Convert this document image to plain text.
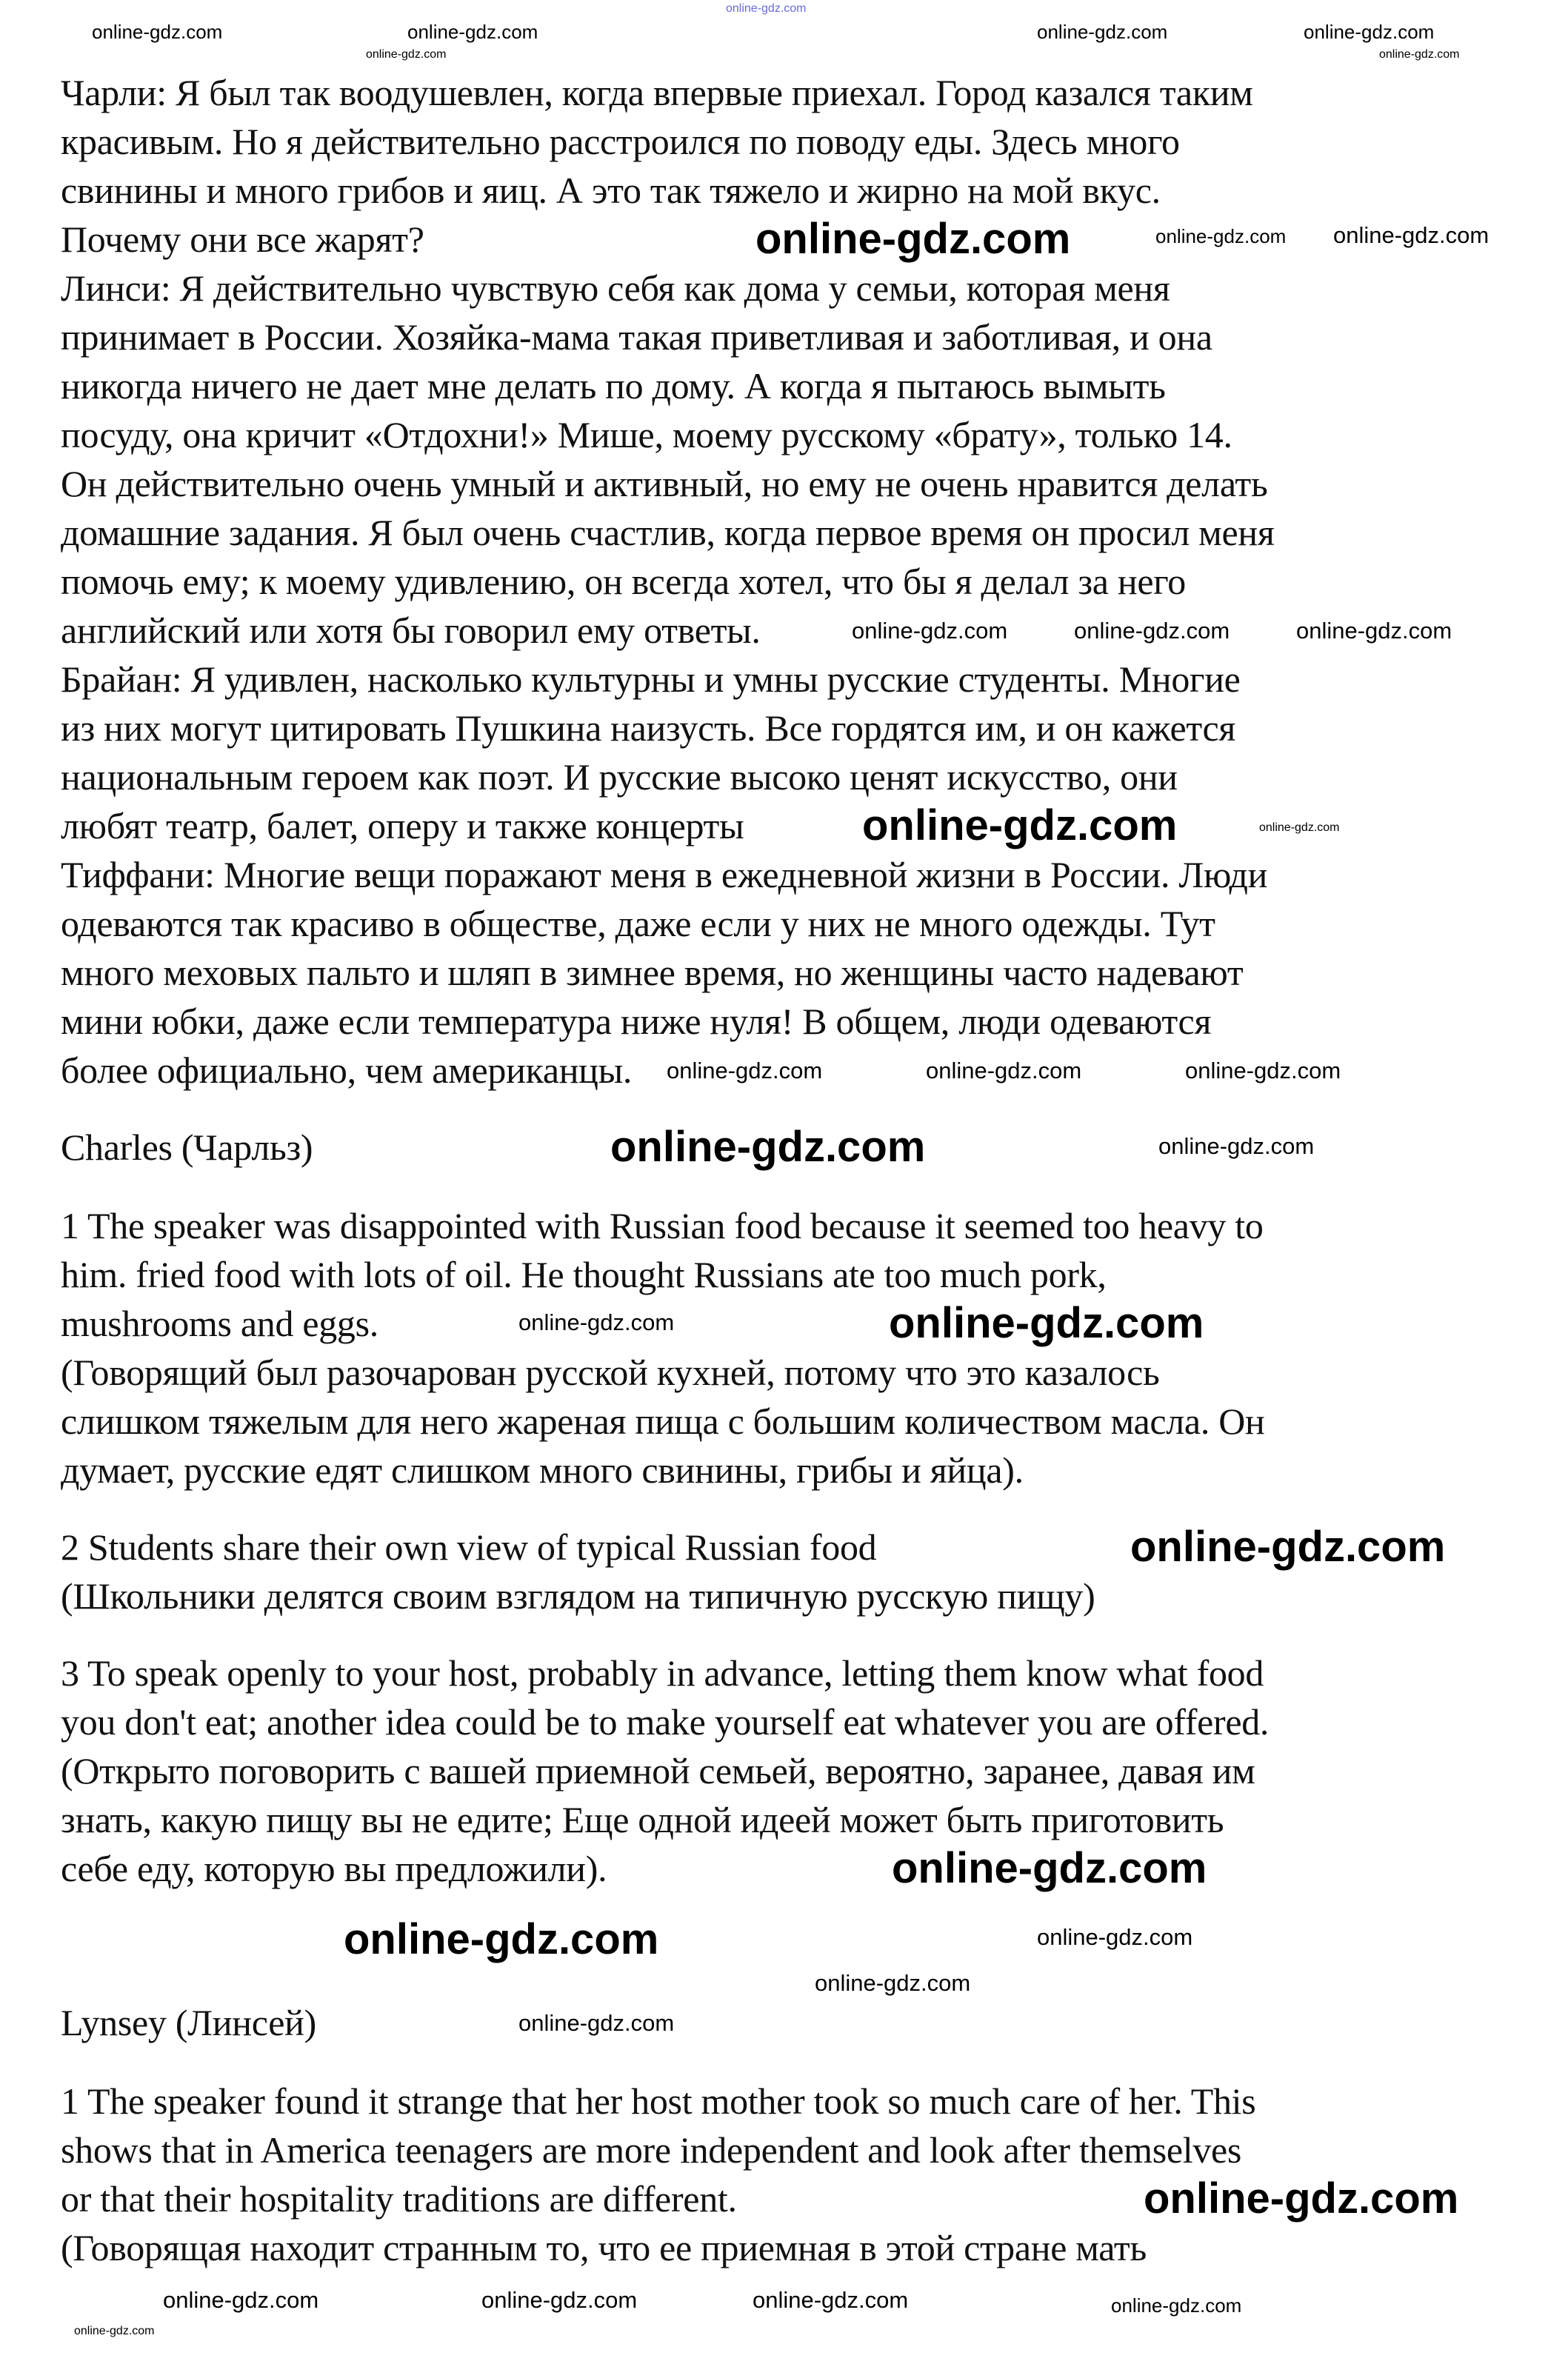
online-gdz.com
Чарли: Я был так воодушевлен, когда впервые приехал. Город казался таким
красивым. Но я действительно расстроился по поводу еды. Здесь много
свинины и много грибов и яиц. А это так тяжело и жирно на мой вкус.
Почему они все жарят?
Линси: Я действительно чувствую себя как дома у семьи, которая меня
принимает в России. Хозяйка-мама такая приветливая и заботливая, и она
никогда ничего не дает мне делать по дому. А когда я пытаюсь вымыть
посуду, она кричит «Отдохни!» Мише, моему русскому «брату», только 14.
Он действительно очень умный и активный, но ему не очень нравится делать
домашние задания. Я был очень счастлив, когда первое время он просил меня
помочь ему; к моему удивлению, он всегда хотел, что бы я делал за него
английский или хотя бы говорил ему ответы.
Брайан: Я удивлен, насколько культурны и умны русские студенты. Многие
из них могут цитировать Пушкина наизусть. Все гордятся им, и он кажется
национальным героем как поэт. И русские высоко ценят искусство, они
любят театр, балет, оперу и также концерты
Тиффани: Многие вещи поражают меня в ежедневной жизни в России. Люди
одеваются так красиво в обществе, даже если у них не много одежды. Тут
много меховых пальто и шляп в зимнее время, но женщины часто надевают
мини юбки, даже если температура ниже нуля! В общем, люди одеваются
более официально, чем американцы.
Charles (Чарльз)
1 The speaker was disappointed with Russian food because it seemed too heavy to
him. fried food with lots of oil. He thought Russians ate too much pork,
mushrooms and eggs.
(Говорящий был разочарован русской кухней, потому что это казалось
слишком тяжелым для него жареная пища с большим количеством масла. Он
думает, русские едят слишком много свинины, грибы и яйца).
2 Students share their own view of typical Russian food
(Школьники делятся своим взглядом на типичную русскую пищу)
3 To speak openly to your host, probably in advance, letting them know what food
you don't eat; another idea could be to make yourself eat whatever you are offered.
(Открыто поговорить с вашей приемной семьей, вероятно, заранее, давая им
знать, какую пищу вы не едите; Еще одной идеей может быть приготовить
себе еду, которую вы предложили).
Lynsey (Линсей)
1 The speaker found it strange that her host mother took so much care of her. This
shows that in America teenagers are more independent and look after themselves
or that their hospitality traditions are different.
(Говорящая находит странным то, что ее приемная в этой стране мать
online-gdz.com	online-gdz.com	online-gdz.com	online-gdz.com
online-gdz.com	online-gdz.com
online-gdz.com	online-gdz.com online-gdz.com
online-gdz.com	online-gdz.com	online-gdz.com
online-gdz.com	online-gdz.com
online-gdz.com	online-gdz.com	online-gdz.com
online-gdz.com	online-gdz.com
online-gdz.com	online-gdz.com
online-gdz.com
online-gdz.com
online-gdz.com	online-gdz.com
online-gdz.com
online-gdz.com
online-gdz.com
online-gdz.com	online-gdz.com	online-gdz.com
online-gdz.com
online-gdz.com
